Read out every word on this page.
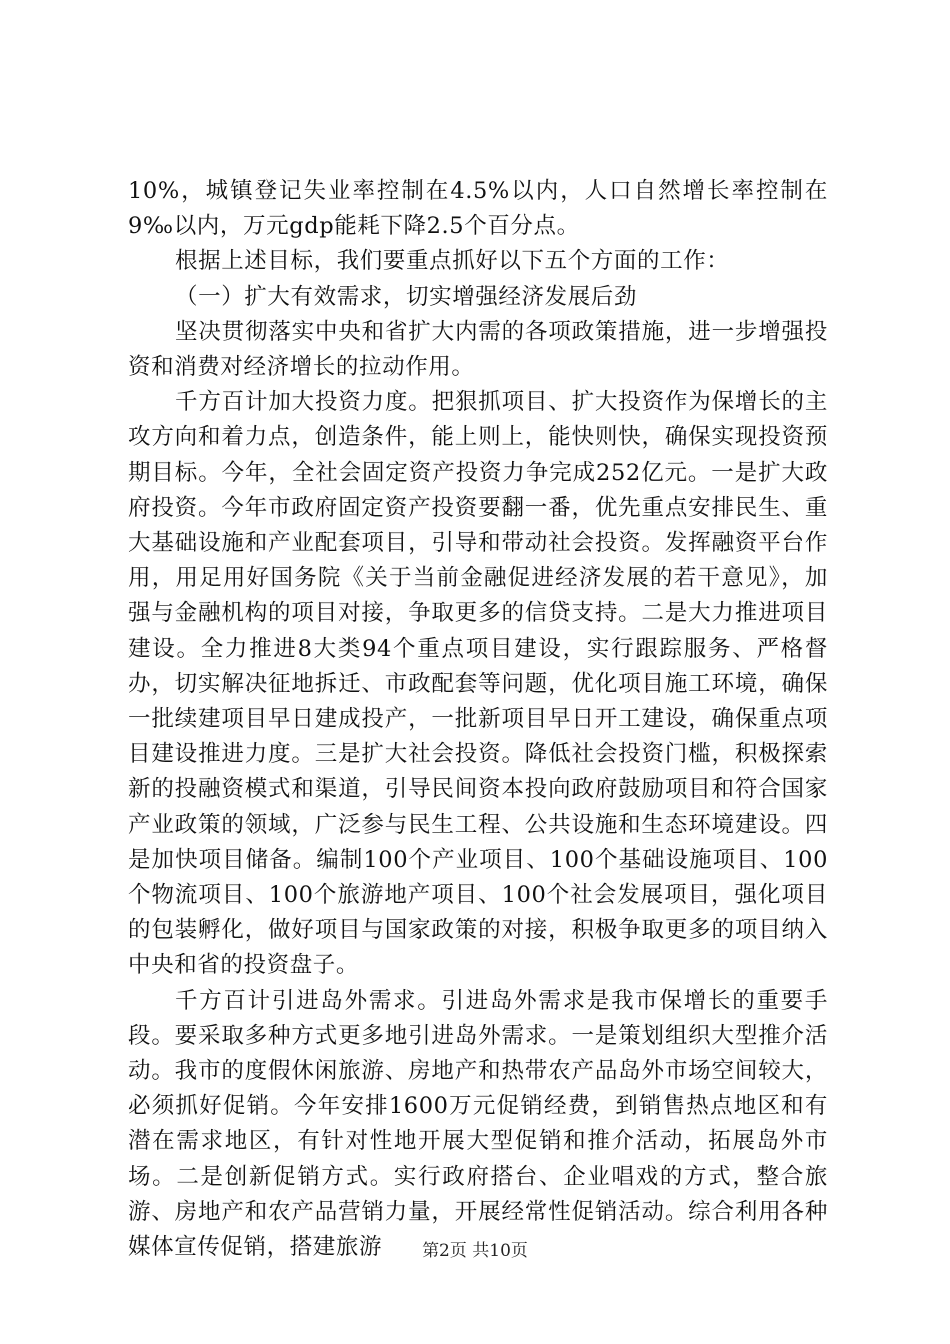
10%，城镇登记失业率控制在4.5%以内，人口自然增长率控制在9‰以内，万元gdp能耗下降2.5个百分点。

根据上述目标，我们要重点抓好以下五个方面的工作：

（一）扩大有效需求，切实增强经济发展后劲

坚决贯彻落实中央和省扩大内需的各项政策措施，进一步增强投资和消费对经济增长的拉动作用。

千方百计加大投资力度。把狠抓项目、扩大投资作为保增长的主攻方向和着力点，创造条件，能上则上，能快则快，确保实现投资预期目标。今年，全社会固定资产投资力争完成252亿元。一是扩大政府投资。今年市政府固定资产投资要翻一番，优先重点安排民生、重大基础设施和产业配套项目，引导和带动社会投资。发挥融资平台作用，用足用好国务院《关于当前金融促进经济发展的若干意见》，加强与金融机构的项目对接，争取更多的信贷支持。二是大力推进项目建设。全力推进8大类94个重点项目建设，实行跟踪服务、严格督办，切实解决征地拆迁、市政配套等问题，优化项目施工环境，确保一批续建项目早日建成投产，一批新项目早日开工建设，确保重点项目建设推进力度。三是扩大社会投资。降低社会投资门槛，积极探索新的投融资模式和渠道，引导民间资本投向政府鼓励项目和符合国家产业政策的领域，广泛参与民生工程、公共设施和生态环境建设。四是加快项目储备。编制100个产业项目、100个基础设施项目、100个物流项目、100个旅游地产项目、100个社会发展项目，强化项目的包装孵化，做好项目与国家政策的对接，积极争取更多的项目纳入中央和省的投资盘子。

千方百计引进岛外需求。引进岛外需求是我市保增长的重要手段。要采取多种方式更多地引进岛外需求。一是策划组织大型推介活动。我市的度假休闲旅游、房地产和热带农产品岛外市场空间较大，必须抓好促销。今年安排1600万元促销经费，到销售热点地区和有潜在需求地区，有针对性地开展大型促销和推介活动，拓展岛外市场。二是创新促销方式。实行政府搭台、企业唱戏的方式，整合旅游、房地产和农产品营销力量，开展经常性促销活动。综合利用各种媒体宣传促销，搭建旅游	第2页 共10页
